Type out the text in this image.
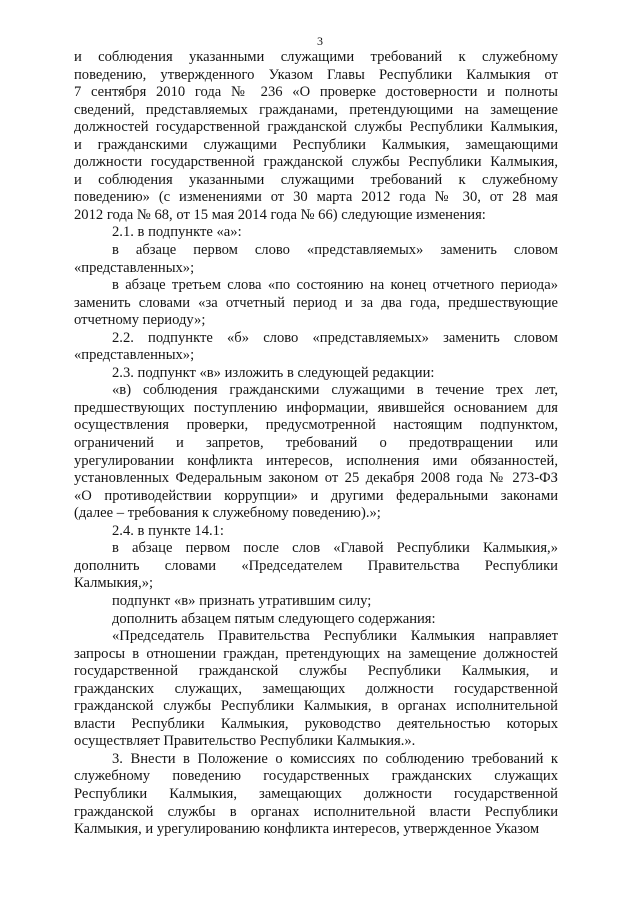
3
и соблюдения указанными служащими требований к служебному
поведению, утвержденного Указом Главы Республики Калмыкия от
7 сентября 2010 года № 236 «О проверке достоверности и полноты
сведений, представляемых гражданами, претендующими на замещение
должностей государственной гражданской службы Республики Калмыкия,
и гражданскими служащими Республики Калмыкия, замещающими
должности государственной гражданской службы Республики Калмыкия,
и соблюдения указанными служащими требований к служебному
поведению» (с изменениями от 30 марта 2012 года № 30, от 28 мая
2012 года № 68, от 15 мая 2014 года № 66) следующие изменения:
2.1. в подпункте «а»:
в абзаце первом слово «представляемых» заменить словом
«представленных»;
в абзаце третьем слова «по состоянию на конец отчетного периода»
заменить словами «за отчетный период и за два года, предшествующие
отчетному периоду»;
2.2. подпункте «б» слово «представляемых» заменить словом
«представленных»;
2.3. подпункт «в» изложить в следующей редакции:
«в) соблюдения гражданскими служащими в течение трех лет,
предшествующих поступлению информации, явившейся основанием для
осуществления проверки, предусмотренной настоящим подпунктом,
ограничений и запретов, требований о предотвращении или
урегулировании конфликта интересов, исполнения ими обязанностей,
установленных Федеральным законом от 25 декабря 2008 года № 273-ФЗ
«О противодействии коррупции» и другими федеральными законами
(далее – требования к служебному поведению).»;
2.4. в пункте 14.1:
в абзаце первом после слов «Главой Республики Калмыкия,»
дополнить словами «Председателем Правительства Республики
Калмыкия,»;
подпункт «в» признать утратившим силу;
дополнить абзацем пятым следующего содержания:
«Председатель Правительства Республики Калмыкия направляет
запросы в отношении граждан, претендующих на замещение должностей
государственной гражданской службы Республики Калмыкия, и
гражданских служащих, замещающих должности государственной
гражданской службы Республики Калмыкия, в органах исполнительной
власти Республики Калмыкия, руководство деятельностью которых
осуществляет Правительство Республики Калмыкия.».
3. Внести в Положение о комиссиях по соблюдению требований к
служебному поведению государственных гражданских служащих
Республики Калмыкия, замещающих должности государственной
гражданской службы в органах исполнительной власти Республики
Калмыкия, и урегулированию конфликта интересов, утвержденное Указом
